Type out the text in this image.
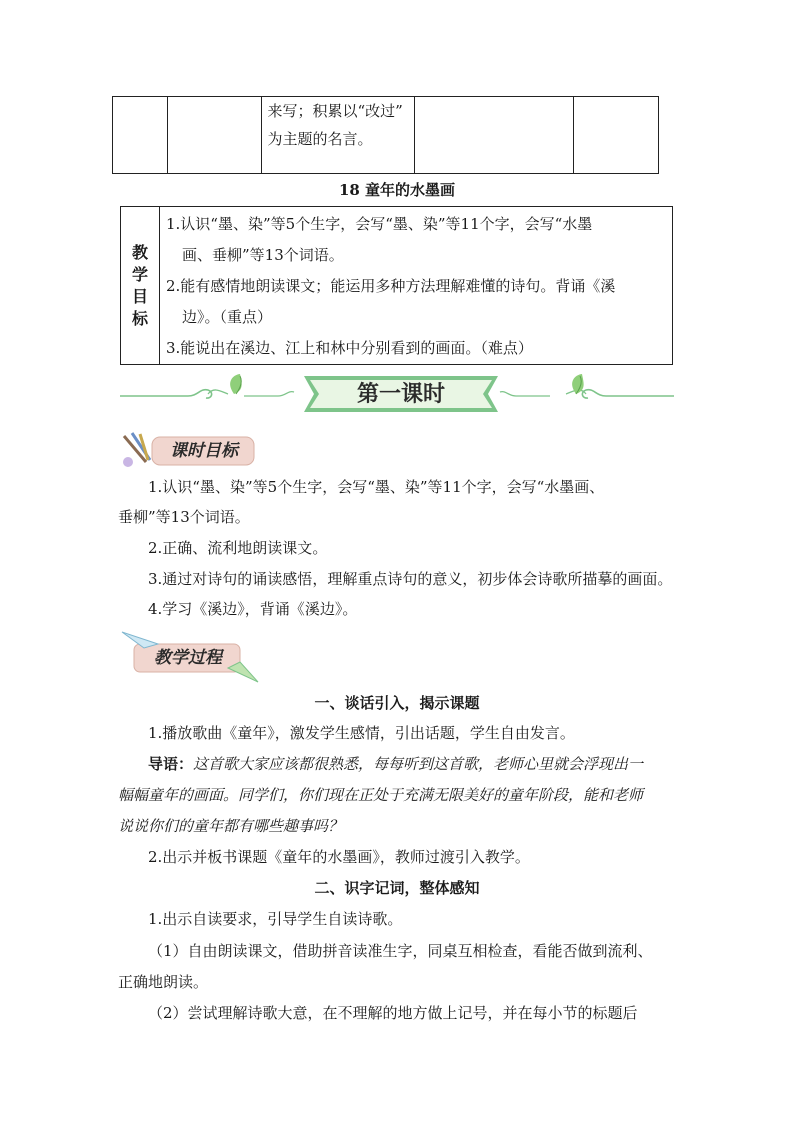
来写；积累以“改过”
为主题的名言。

18 童年的水墨画
教
学
目
标

1.认识“墨、染”等5个生字，会写“墨、染”等11个字，会写“水墨
画、垂柳”等13个词语。
2.能有感情地朗读课文；能运用多种方法理解难懂的诗句。背诵《溪
边》。（重点）
3.能说出在溪边、江上和林中分别看到的画面。（难点）
第一课时
课时目标
1.认识“墨、染”等5个生字，会写“墨、染”等11个字，会写“水墨画、
垂柳”等13个词语。
2.正确、流利地朗读课文。
3.通过对诗句的诵读感悟，理解重点诗句的意义，初步体会诗歌所描摹的画面。
4.学习《溪边》，背诵《溪边》。
教学过程
一、谈话引入，揭示课题
1.播放歌曲《童年》，激发学生感情，引出话题，学生自由发言。
导语：这首歌大家应该都很熟悉，每每听到这首歌，老师心里就会浮现出一
幅幅童年的画面。同学们，你们现在正处于充满无限美好的童年阶段，能和老师
说说你们的童年都有哪些趣事吗？
2.出示并板书课题《童年的水墨画》，教师过渡引入教学。
二、识字记词，整体感知
1.出示自读要求，引导学生自读诗歌。
（1）自由朗读课文，借助拼音读准生字，同桌互相检查，看能否做到流利、
正确地朗读。
（2）尝试理解诗歌大意，在不理解的地方做上记号，并在每小节的标题后
